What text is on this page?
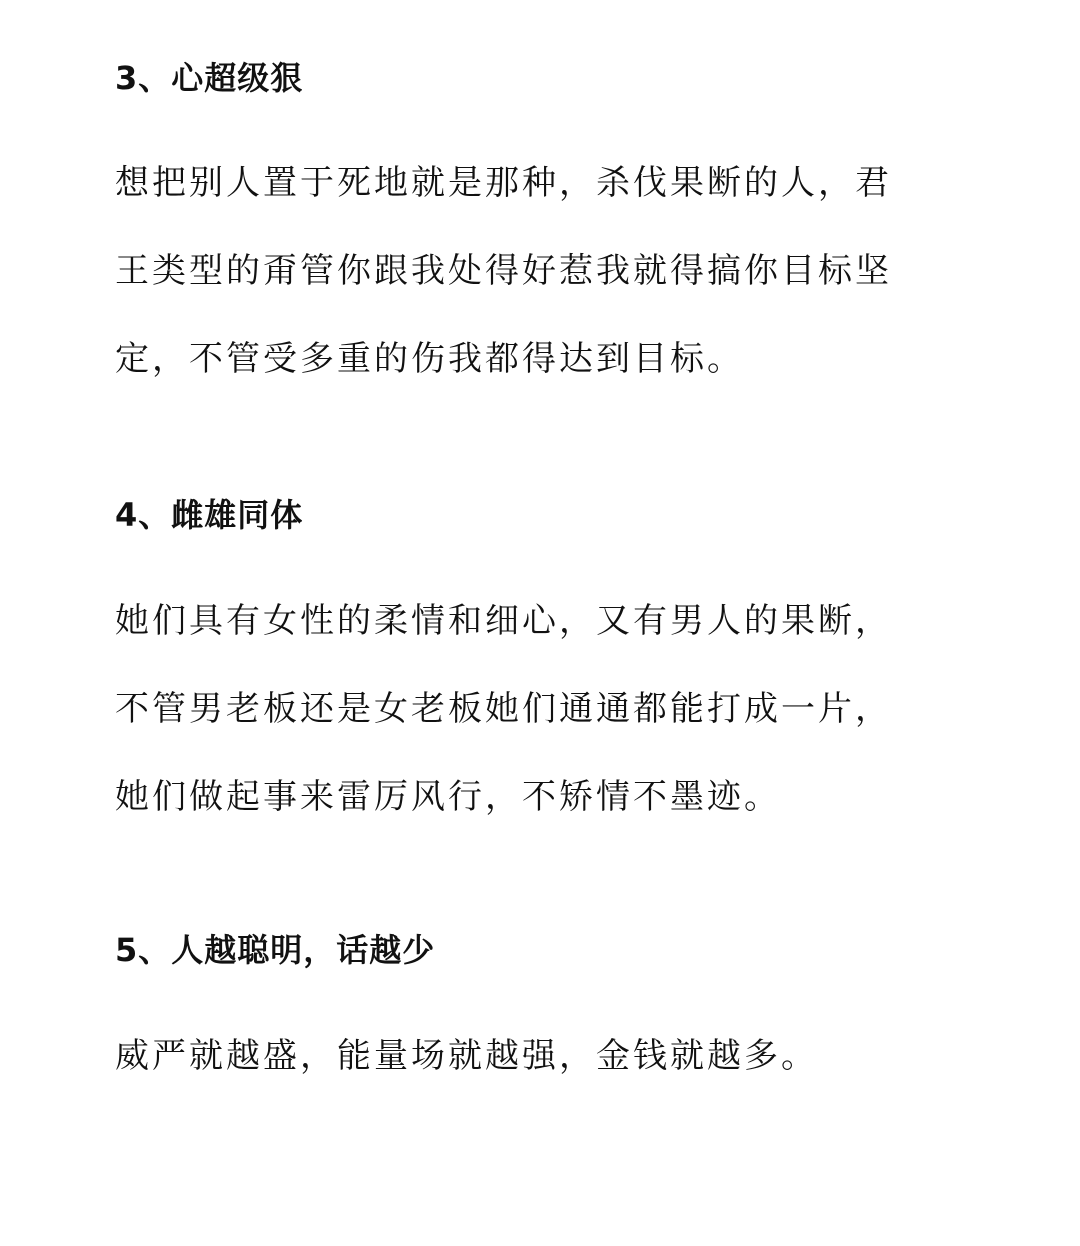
3、心超级狠

想把别人置于死地就是那种，杀伐果断的人，君
王类型的甭管你跟我处得好惹我就得搞你目标坚
定，不管受多重的伤我都得达到目标。

4、雌雄同体

她们具有女性的柔情和细心，又有男人的果断，
不管男老板还是女老板她们通通都能打成一片，
她们做起事来雷厉风行，不矫情不墨迹。

5、人越聪明，话越少

威严就越盛，能量场就越强，金钱就越多。
